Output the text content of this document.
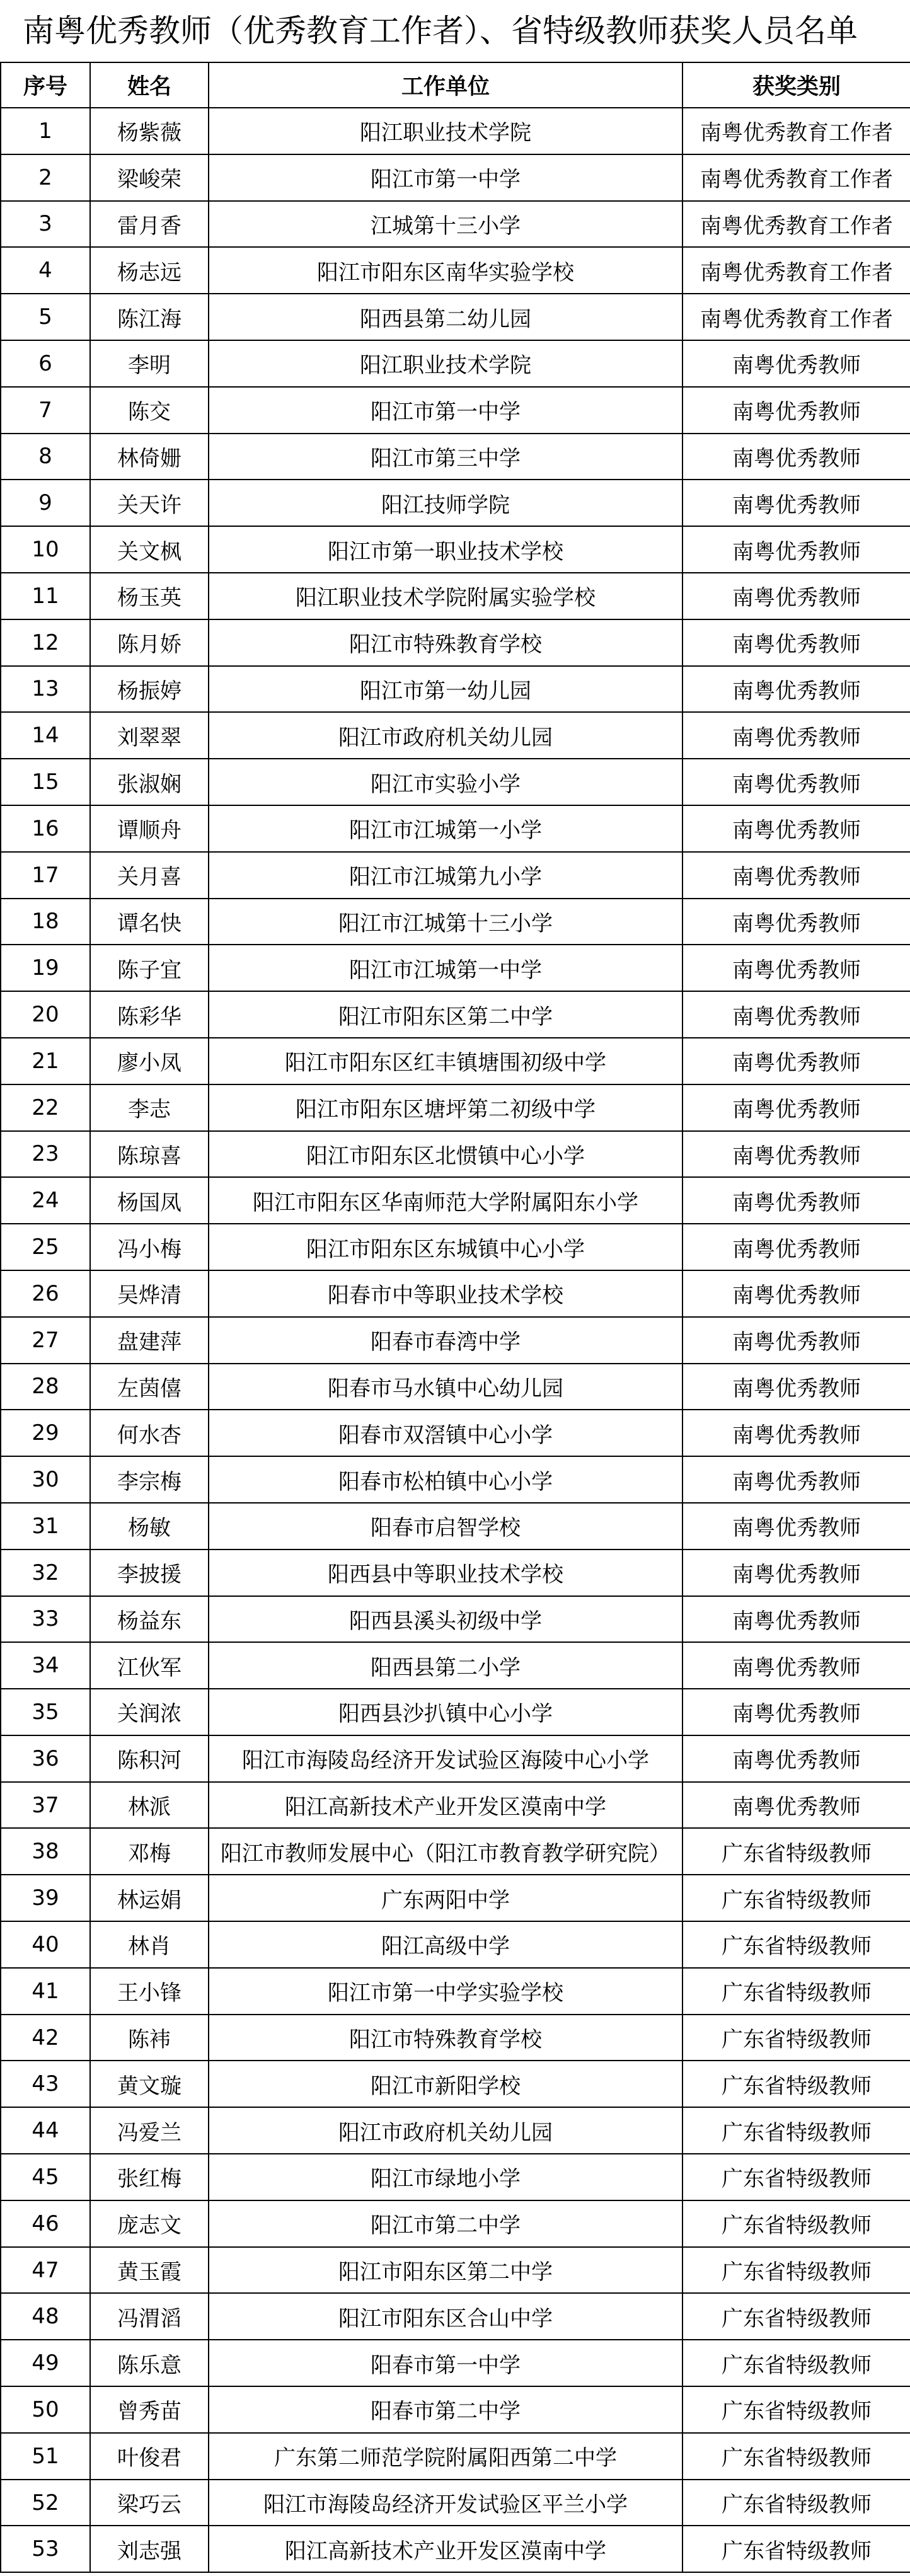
南粤优秀教师（优秀教育工作者）、省特级教师获奖人员名单
序号	姓名	工作单位	获奖类别
1	杨紫薇	阳江职业技术学院	南粤优秀教育工作者
2	梁峻荣	阳江市第一中学	南粤优秀教育工作者
3	雷月香	江城第十三小学	南粤优秀教育工作者
4	杨志远	阳江市阳东区南华实验学校	南粤优秀教育工作者
5	陈江海	阳西县第二幼儿园	南粤优秀教育工作者
6	李明	阳江职业技术学院	南粤优秀教师
7	陈交	阳江市第一中学	南粤优秀教师
8	林倚姗	阳江市第三中学	南粤优秀教师
9	关天许	阳江技师学院	南粤优秀教师
10	关文枫	阳江市第一职业技术学校	南粤优秀教师
11	杨玉英	阳江职业技术学院附属实验学校	南粤优秀教师
12	陈月娇	阳江市特殊教育学校	南粤优秀教师
13	杨振婷	阳江市第一幼儿园	南粤优秀教师
14	刘翠翠	阳江市政府机关幼儿园	南粤优秀教师
15	张淑娴	阳江市实验小学	南粤优秀教师
16	谭顺舟	阳江市江城第一小学	南粤优秀教师
17	关月喜	阳江市江城第九小学	南粤优秀教师
18	谭名快	阳江市江城第十三小学	南粤优秀教师
19	陈子宜	阳江市江城第一中学	南粤优秀教师
20	陈彩华	阳江市阳东区第二中学	南粤优秀教师
21	廖小凤	阳江市阳东区红丰镇塘围初级中学	南粤优秀教师
22	李志	阳江市阳东区塘坪第二初级中学	南粤优秀教师
23	陈琼喜	阳江市阳东区北惯镇中心小学	南粤优秀教师
24	杨国凤	阳江市阳东区华南师范大学附属阳东小学	南粤优秀教师
25	冯小梅	阳江市阳东区东城镇中心小学	南粤优秀教师
26	吴烨清	阳春市中等职业技术学校	南粤优秀教师
27	盘建萍	阳春市春湾中学	南粤优秀教师
28	左茵僖	阳春市马水镇中心幼儿园	南粤优秀教师
29	何水杏	阳春市双滘镇中心小学	南粤优秀教师
30	李宗梅	阳春市松柏镇中心小学	南粤优秀教师
31	杨敏	阳春市启智学校	南粤优秀教师
32	李披援	阳西县中等职业技术学校	南粤优秀教师
33	杨益东	阳西县溪头初级中学	南粤优秀教师
34	江伙军	阳西县第二小学	南粤优秀教师
35	关润浓	阳西县沙扒镇中心小学	南粤优秀教师
36	陈积河	阳江市海陵岛经济开发试验区海陵中心小学	南粤优秀教师
37	林派	阳江高新技术产业开发区漠南中学	南粤优秀教师
38	邓梅	阳江市教师发展中心（阳江市教育教学研究院）	广东省特级教师
39	林运娟	广东两阳中学	广东省特级教师
40	林肖	阳江高级中学	广东省特级教师
41	王小锋	阳江市第一中学实验学校	广东省特级教师
42	陈袆	阳江市特殊教育学校	广东省特级教师
43	黄文璇	阳江市新阳学校	广东省特级教师
44	冯爱兰	阳江市政府机关幼儿园	广东省特级教师
45	张红梅	阳江市绿地小学	广东省特级教师
46	庞志文	阳江市第二中学	广东省特级教师
47	黄玉霞	阳江市阳东区第二中学	广东省特级教师
48	冯渭滔	阳江市阳东区合山中学	广东省特级教师
49	陈乐意	阳春市第一中学	广东省特级教师
50	曾秀苗	阳春市第二中学	广东省特级教师
51	叶俊君	广东第二师范学院附属阳西第二中学	广东省特级教师
52	梁巧云	阳江市海陵岛经济开发试验区平兰小学	广东省特级教师
53	刘志强	阳江高新技术产业开发区漠南中学	广东省特级教师
